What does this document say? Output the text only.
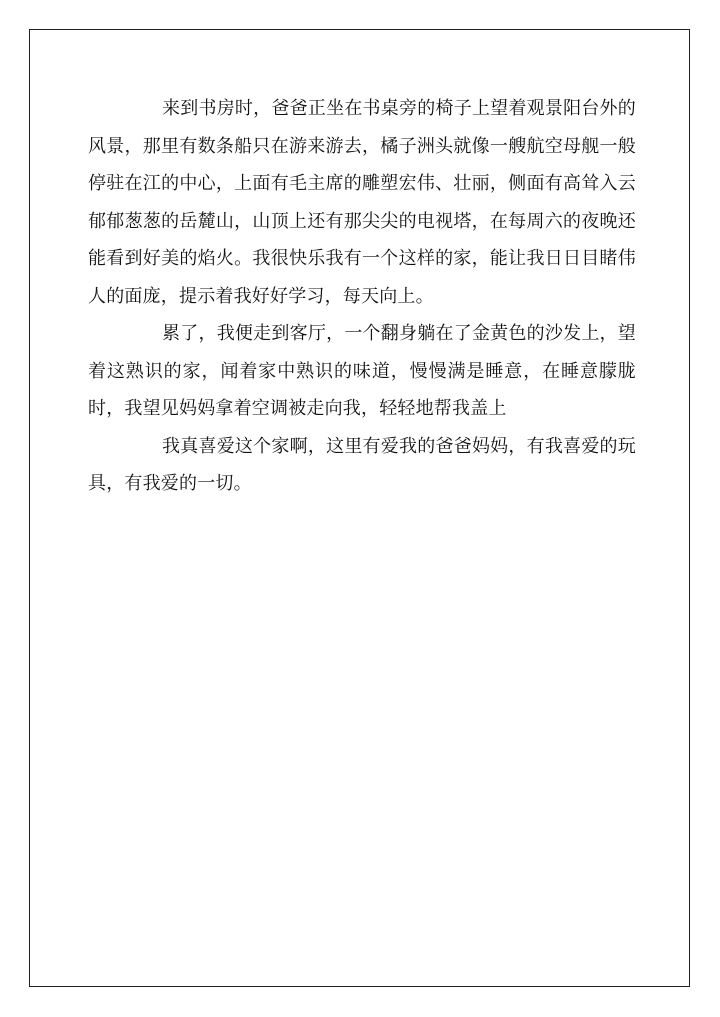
来到书房时，爸爸正坐在书桌旁的椅子上望着观景阳台外的风景，那里有数条船只在游来游去，橘子洲头就像一艘航空母舰一般停驻在江的中心，上面有毛主席的雕塑宏伟、壮丽，侧面有高耸入云郁郁葱葱的岳麓山，山顶上还有那尖尖的电视塔，在每周六的夜晚还能看到好美的焰火。我很快乐我有一个这样的家，能让我日日目睹伟人的面庞，提示着我好好学习，每天向上。

累了，我便走到客厅，一个翻身躺在了金黄色的沙发上，望着这熟识的家，闻着家中熟识的味道，慢慢满是睡意，在睡意朦胧时，我望见妈妈拿着空调被走向我，轻轻地帮我盖上

我真喜爱这个家啊，这里有爱我的爸爸妈妈，有我喜爱的玩具，有我爱的一切。
